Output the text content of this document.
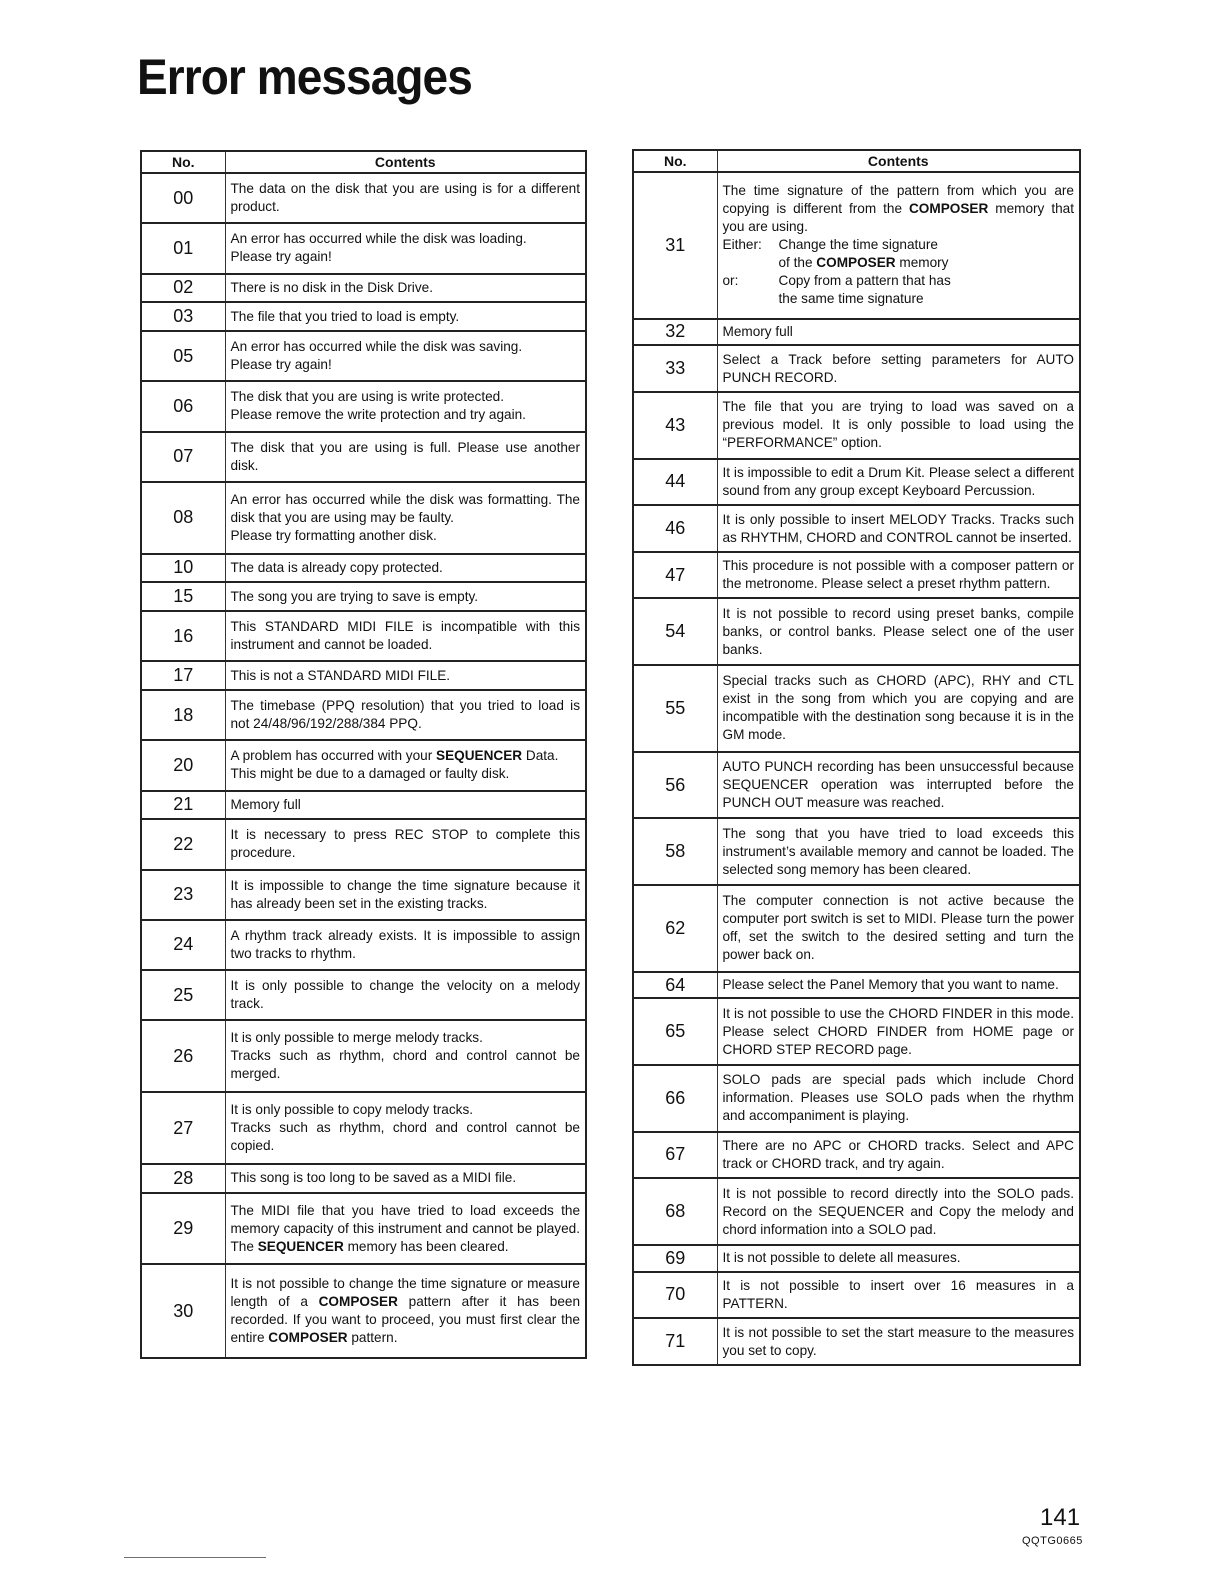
Error messages
No.	Contents
00	The data on the disk that you are using is for a different product.

01	An error has occurred while the disk was loading.
Please try again!

02	There is no disk in the Disk Drive.

03	The file that you tried to load is empty.

05	An error has occurred while the disk was saving.
Please try again!

06	The disk that you are using is write protected.
Please remove the write protection and try again.

07	The disk that you are using is full. Please use another disk.

08	An error has occurred while the disk was formatting. The disk that you are using may be faulty.
Please try formatting another disk.

10	The data is already copy protected.

15	The song you are trying to save is empty.

16	This STANDARD MIDI FILE is incompatible with this instrument and cannot be loaded.

17	This is not a STANDARD MIDI FILE.

18	The timebase (PPQ resolution) that you tried to load is not 24/48/96/192/288/384 PPQ.

20	A problem has occurred with your SEQUENCER Data.
This might be due to a damaged or faulty disk.

21	Memory full

22	It is necessary to press REC STOP to complete this procedure.

23	It is impossible to change the time signature because it has already been set in the existing tracks.

24	A rhythm track already exists. It is impossible to assign two tracks to rhythm.

25	It is only possible to change the velocity on a melody track.

26	It is only possible to merge melody tracks.
Tracks such as rhythm, chord and control cannot be merged.

27	It is only possible to copy melody tracks.
Tracks such as rhythm, chord and control cannot be copied.

28	This song is too long to be saved as a MIDI file.

29	The MIDI file that you have tried to load exceeds the memory capacity of this instrument and cannot be played. The SEQUENCER memory has been cleared.

30	It is not possible to change the time signature or measure length of a COMPOSER pattern after it has been recorded. If you want to proceed, you must first clear the entire COMPOSER pattern.
No.	Contents
31	The time signature of the pattern from which you are copying is different from the COMPOSER memory that you are using.
Either: Change the time signature
of the COMPOSER memory
or: Copy from a pattern that has
the same time signature

32	Memory full

33	Select a Track before setting parameters for AUTO PUNCH RECORD.

43	The file that you are trying to load was saved on a previous model. It is only possible to load using the “PERFORMANCE” option.

44	It is impossible to edit a Drum Kit. Please select a different sound from any group except Keyboard Percussion.

46	It is only possible to insert MELODY Tracks. Tracks such as RHYTHM, CHORD and CONTROL cannot be inserted.

47	This procedure is not possible with a composer pattern or the metronome. Please select a preset rhythm pattern.

54	It is not possible to record using preset banks, compile banks, or control banks. Please select one of the user banks.

55	Special tracks such as CHORD (APC), RHY and CTL exist in the song from which you are copying and are incompatible with the destination song because it is in the GM mode.

56	AUTO PUNCH recording has been unsuccessful because SEQUENCER operation was interrupted before the PUNCH OUT measure was reached.

58	The song that you have tried to load exceeds this instrument’s available memory and cannot be loaded. The selected song memory has been cleared.

62	The computer connection is not active because the computer port switch is set to MIDI. Please turn the power off, set the switch to the desired setting and turn the power back on.

64	Please select the Panel Memory that you want to name.

65	It is not possible to use the CHORD FINDER in this mode. Please select CHORD FINDER from HOME page or CHORD STEP RECORD page.

66	SOLO pads are special pads which include Chord information. Pleases use SOLO pads when the rhythm and accompaniment is playing.

67	There are no APC or CHORD tracks. Select and APC track or CHORD track, and try again.

68	It is not possible to record directly into the SOLO pads. Record on the SEQUENCER and Copy the melody and chord information into a SOLO pad.

69	It is not possible to delete all measures.

70	It is not possible to insert over 16 measures in a PATTERN.

71	It is not possible to set the start measure to the measures you set to copy.
141
QQTG0665
